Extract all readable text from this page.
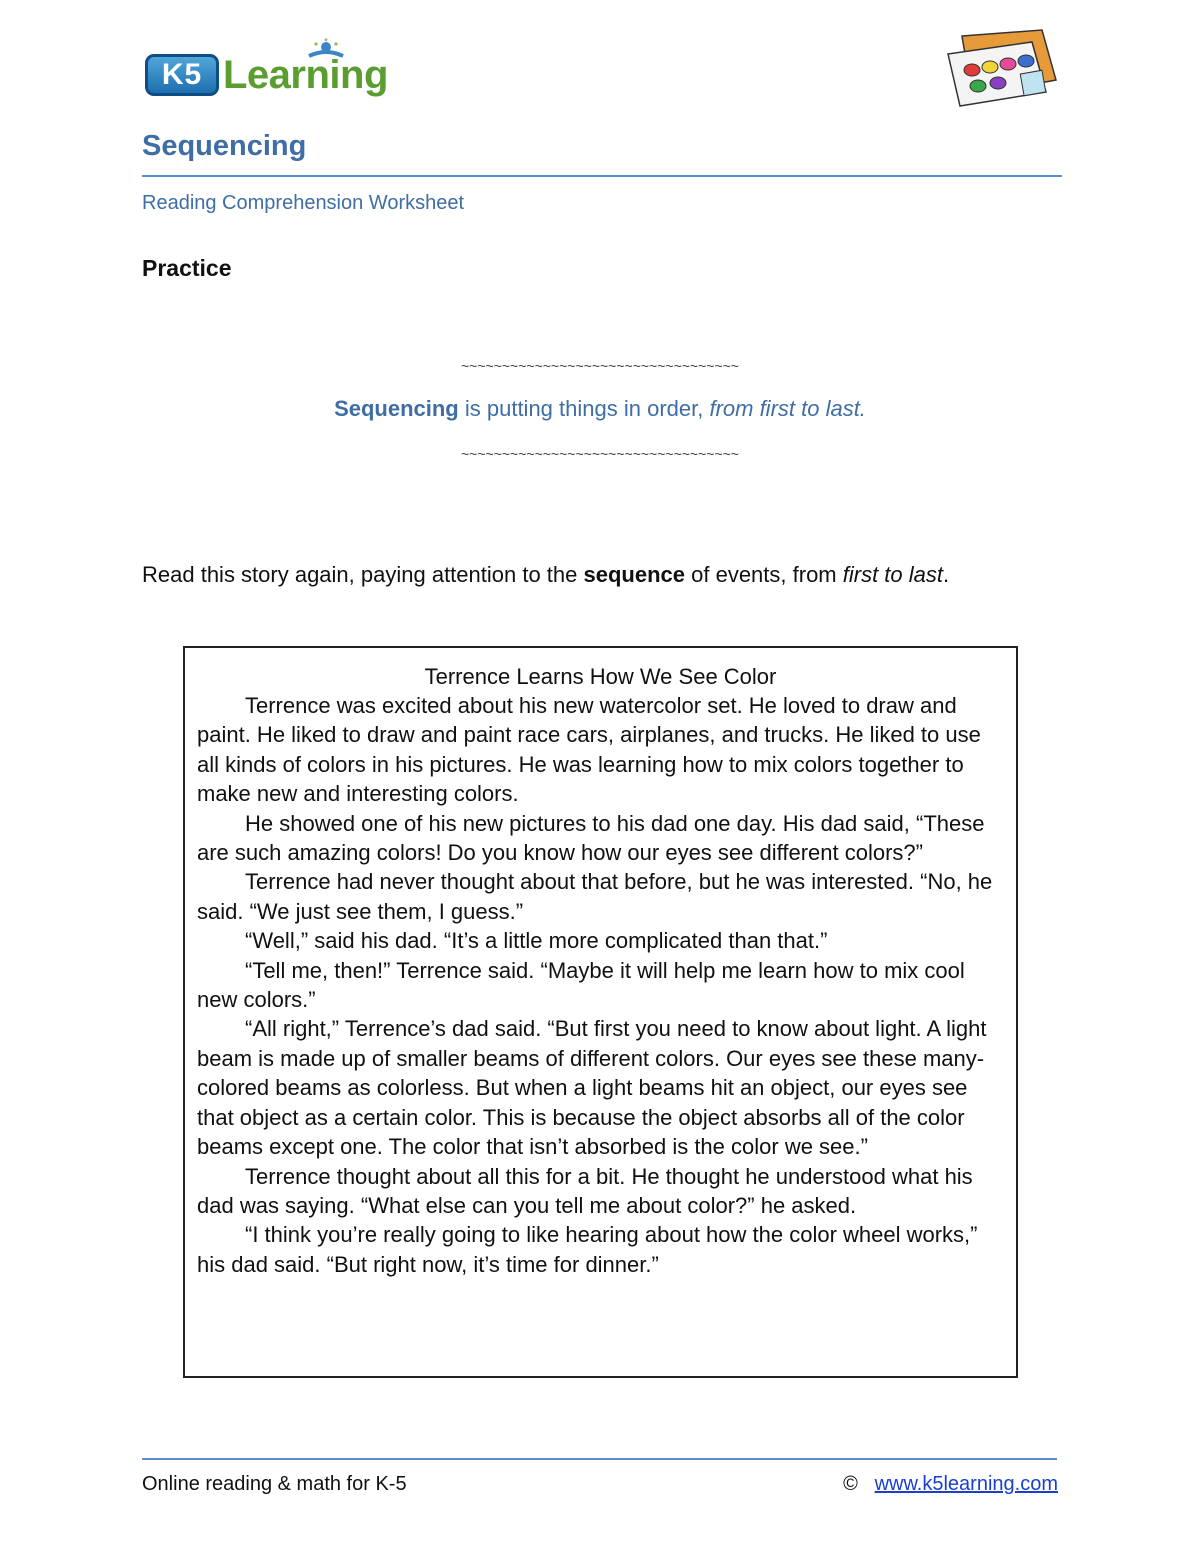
K5 Learning
Sequencing
Reading Comprehension Worksheet
Practice
~~~~~~~~~~~~~~~~~~~~~~~~~~~~~~~~~~
Sequencing is putting things in order, from first to last.
~~~~~~~~~~~~~~~~~~~~~~~~~~~~~~~~~~
Read this story again, paying attention to the sequence of events, from first to last.
Terrence Learns How We See Color

Terrence was excited about his new watercolor set. He loved to draw and paint. He liked to draw and paint race cars, airplanes, and trucks. He liked to use all kinds of colors in his pictures. He was learning how to mix colors together to make new and interesting colors.

He showed one of his new pictures to his dad one day. His dad said, “These are such amazing colors! Do you know how our eyes see different colors?”

Terrence had never thought about that before, but he was interested. “No, he said. “We just see them, I guess.”

“Well,” said his dad. “It’s a little more complicated than that.”

“Tell me, then!” Terrence said. “Maybe it will help me learn how to mix cool new colors.”

“All right,” Terrence’s dad said. “But first you need to know about light. A light beam is made up of smaller beams of different colors. Our eyes see these many-colored beams as colorless. But when a light beams hit an object, our eyes see that object as a certain color. This is because the object absorbs all of the color beams except one. The color that isn’t absorbed is the color we see.”

Terrence thought about all this for a bit. He thought he understood what his dad was saying. “What else can you tell me about color?” he asked.

“I think you’re really going to like hearing about how the color wheel works,” his dad said. “But right now, it’s time for dinner.”

Online reading & math for K-5	© www.k5learning.com
